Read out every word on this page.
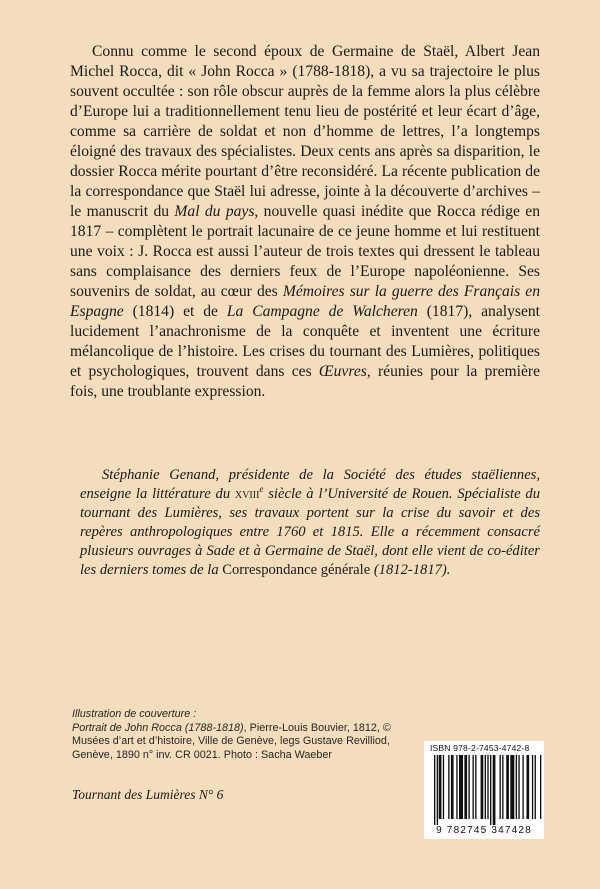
Connu comme le second époux de Germaine de Staël, Albert Jean Michel Rocca, dit « John Rocca » (1788-1818), a vu sa trajectoire le plus souvent occultée : son rôle obscur auprès de la femme alors la plus célèbre d’Europe lui a traditionnellement tenu lieu de postérité et leur écart d’âge, comme sa carrière de soldat et non d’homme de lettres, l’a longtemps éloigné des travaux des spécialistes. Deux cents ans après sa disparition, le dossier Rocca mérite pourtant d’être reconsidéré. La récente publication de la correspondance que Staël lui adresse, jointe à la découverte d’archives – le manuscrit du Mal du pays, nouvelle quasi inédite que Rocca rédige en 1817 – complètent le portrait lacunaire de ce jeune homme et lui restituent une voix : J. Rocca est aussi l’auteur de trois textes qui dressent le tableau sans complaisance des derniers feux de l’Europe napoléonienne. Ses souvenirs de soldat, au cœur des Mémoires sur la guerre des Français en Espagne (1814) et de La Campagne de Walcheren (1817), analysent lucidement l’anachronisme de la conquête et inventent une écriture mélancolique de l’histoire. Les crises du tournant des Lumières, politiques et psychologiques, trouvent dans ces Œuvres, réunies pour la première fois, une troublante expression.

Stéphanie Genand, présidente de la Société des études staëliennes, enseigne la littérature du xviii$^e$ siècle à l’Université de Rouen. Spécialiste du tournant des Lumières, ses travaux portent sur la crise du savoir et des repères anthropologiques entre 1760 et 1815. Elle a récemment consacré plusieurs ouvrages à Sade et à Germaine de Staël, dont elle vient de co-éditer les derniers tomes de la Correspondance générale (1812-1817).

Illustration de couverture :
Portrait de John Rocca (1788-1818), Pierre-Louis Bouvier, 1812, © Musées d’art et d’histoire, Ville de Genève, legs Gustave Revilliod, Genève, 1890 n° inv. CR 0021. Photo : Sacha Waeber
Tournant des Lumières N° 6
ISBN 978-2-7453-4742-8
9 782745 347428
